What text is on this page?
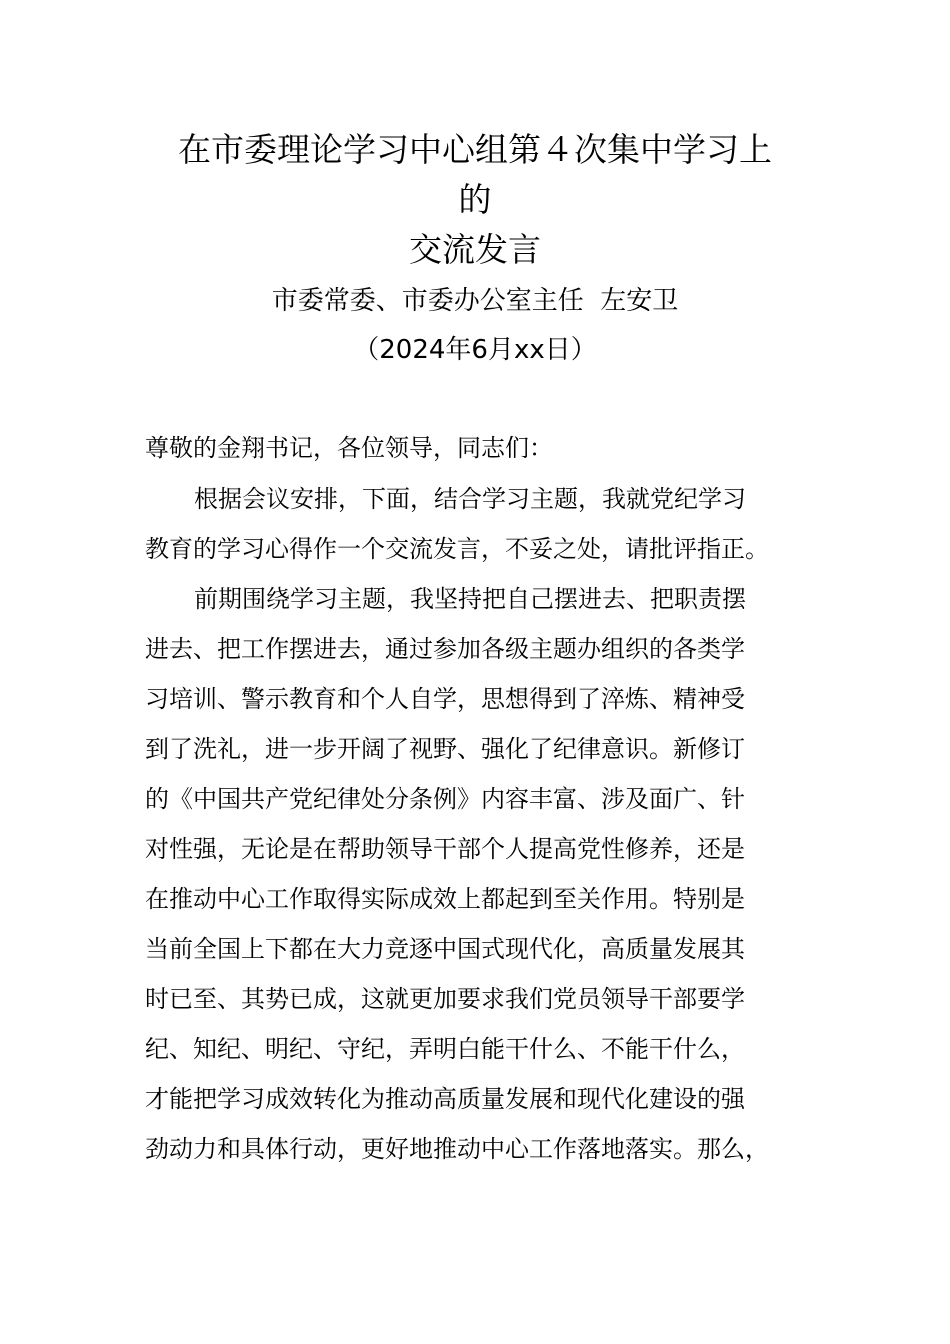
在市委理论学习中心组第４次集中学习上
的
交流发言

市委常委、市委办公室主任  左安卫

（2024年6月xx日）

尊敬的金翔书记，各位领导，同志们：

根据会议安排，下面，结合学习主题，我就党纪学习

教育的学习心得作一个交流发言，不妥之处，请批评指正。

前期围绕学习主题，我坚持把自己摆进去、把职责摆

进去、把工作摆进去，通过参加各级主题办组织的各类学

习培训、警示教育和个人自学，思想得到了淬炼、精神受

到了洗礼，进一步开阔了视野、强化了纪律意识。新修订

的《中国共产党纪律处分条例》内容丰富、涉及面广、针

对性强，无论是在帮助领导干部个人提高党性修养，还是

在推动中心工作取得实际成效上都起到至关作用。特别是

当前全国上下都在大力竞逐中国式现代化，高质量发展其

时已至、其势已成，这就更加要求我们党员领导干部要学

纪、知纪、明纪、守纪，弄明白能干什么、不能干什么，

才能把学习成效转化为推动高质量发展和现代化建设的强

劲动力和具体行动，更好地推动中心工作落地落实。那么，
